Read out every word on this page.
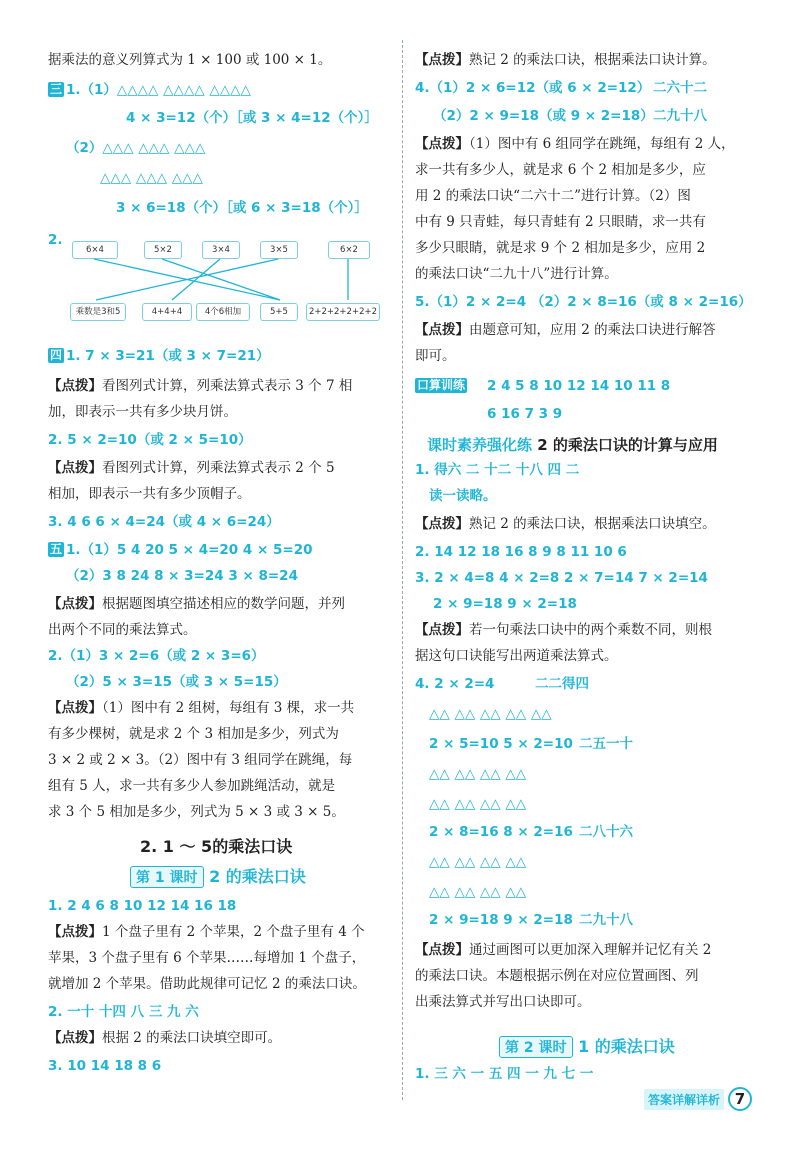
据乘法的意义列算式为 1 × 100 或 100 × 1。
三 1.（1）△△△△ △△△△ △△△△
4 × 3=12（个）［或 3 × 4=12（个）］
（2）△△△ △△△ △△△
△△△ △△△ △△△
3 × 6=18（个）［或 6 × 3=18（个）］
2.
6×4	5×2	3×4	3×5	6×2
乘数是3和5	4+4+4	4个6相加	5+5	2+2+2+2+2+2
四 1. 7 × 3=21（或 3 × 7=21）
【点拨】看图列式计算，列乘法算式表示 3 个 7 相
加，即表示一共有多少块月饼。
2. 5 × 2=10（或 2 × 5=10）
【点拨】看图列式计算，列乘法算式表示 2 个 5
相加，即表示一共有多少顶帽子。
3. 4 6 6 × 4=24（或 4 × 6=24）
五 1.（1）5 4 20 5 × 4=20 4 × 5=20
（2）3 8 24 8 × 3=24 3 × 8=24
【点拨】根据题图填空描述相应的数学问题，并列
出两个不同的乘法算式。
2.（1）3 × 2=6（或 2 × 3=6）
（2）5 × 3=15（或 3 × 5=15）
【点拨】（1）图中有 2 组树，每组有 3 棵，求一共
有多少棵树，就是求 2 个 3 相加是多少，列式为
3 × 2 或 2 × 3。（2）图中有 3 组同学在跳绳，每
组有 5 人，求一共有多少人参加跳绳活动，就是
求 3 个 5 相加是多少，列式为 5 × 3 或 3 × 5。
2. 1 ～ 5的乘法口诀
第 1 课时 2 的乘法口诀
1. 2 4 6 8 10 12 14 16 18
【点拨】1 个盘子里有 2 个苹果，2 个盘子里有 4 个
苹果，3 个盘子里有 6 个苹果……每增加 1 个盘子，
就增加 2 个苹果。借助此规律可记忆 2 的乘法口诀。
2. 一十 十四 八 三 九 六
【点拨】根据 2 的乘法口诀填空即可。
3. 10 14 18 8 6
【点拨】熟记 2 的乘法口诀，根据乘法口诀计算。
4.（1）2 × 6=12（或 6 × 2=12） 二六十二
（2）2 × 9=18（或 9 × 2=18） 二九十八
【点拨】（1）图中有 6 组同学在跳绳，每组有 2 人，
求一共有多少人，就是求 6 个 2 相加是多少，应
用 2 的乘法口诀“二六十二”进行计算。（2）图
中有 9 只青蛙，每只青蛙有 2 只眼睛，求一共有
多少只眼睛，就是求 9 个 2 相加是多少，应用 2
的乘法口诀“二九十八”进行计算。
5.（1）2 × 2=4 （2）2 × 8=16（或 8 × 2=16）
【点拨】由题意可知，应用 2 的乘法口诀进行解答
即可。
口算训练 2 4 5 8 10 12 14 10 11 8
6 16 7 3 9
课时素养强化练 2 的乘法口诀的计算与应用
1. 得六 二 十二 十八 四 二
读一读略。
【点拨】熟记 2 的乘法口诀，根据乘法口诀填空。
2. 14 12 18 16 8 9 8 11 10 6
3. 2 × 4=8 4 × 2=8 2 × 7=14 7 × 2=14
2 × 9=18 9 × 2=18
【点拨】若一句乘法口诀中的两个乘数不同，则根
据这句口诀能写出两道乘法算式。
4. 2 × 2=4	二二得四
△△ △△ △△ △△ △△
2 × 5=10 5 × 2=10 二五一十
△△ △△ △△ △△
△△ △△ △△ △△
2 × 8=16 8 × 2=16 二八十六
△△ △△ △△ △△
△△ △△ △△ △△
2 × 9=18 9 × 2=18 二九十八
【点拨】通过画图可以更加深入理解并记忆有关 2
的乘法口诀。本题根据示例在对应位置画图、列
出乘法算式并写出口诀即可。
第 2 课时 1 的乘法口诀
1. 三 六 一 五 四 一 九 七 一
答案详解详析 7
